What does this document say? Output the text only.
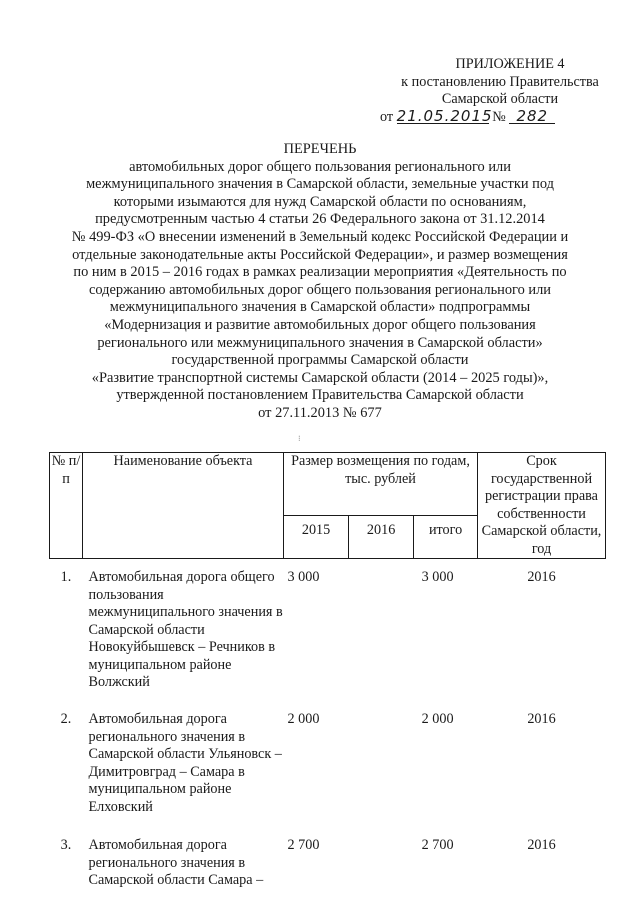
ПРИЛОЖЕНИЕ 4
к постановлению Правительства
Самарской области
от 21.05.2015 № 282
ПЕРЕЧЕНЬ
автомобильных дорог общего пользования регионального или
межмуниципального значения в Самарской области, земельные участки под
которыми изымаются для нужд Самарской области по основаниям,
предусмотренным частью 4 статьи 26 Федерального закона от 31.12.2014
№ 499-ФЗ «О внесении изменений в Земельный кодекс Российской Федерации и
отдельные законодательные акты Российской Федерации», и размер возмещения
по ним в 2015 – 2016 годах в рамках реализации мероприятия «Деятельность по
содержанию автомобильных дорог общего пользования регионального или
межмуниципального значения в Самарской области» подпрограммы
«Модернизация и развитие автомобильных дорог общего пользования
регионального или межмуниципального значения в Самарской области»
государственной программы Самарской области
«Развитие транспортной системы Самарской области (2014 – 2025 годы)»,
утвержденной постановлением Правительства Самарской области
от 27.11.2013 № 677
⁝
№ п/п	Наименование объекта	Размер возмещения по годам, тыс. рублей			Срок государственной регистрации права собственности Самарской области, год
		2015	2016	итого	
1.	Автомобильная дорога общего пользования межмуниципального значения в Самарской области Новокуйбышевск – Речников в муниципальном районе Волжский	3 000		3 000	2016
2.	Автомобильная дорога регионального значения в Самарской области Ульяновск – Димитровград – Самара в муниципальном районе Елховский	2 000		2 000	2016
3.	Автомобильная дорога регионального значения в Самарской области Самара –	2 700		2 700	2016
